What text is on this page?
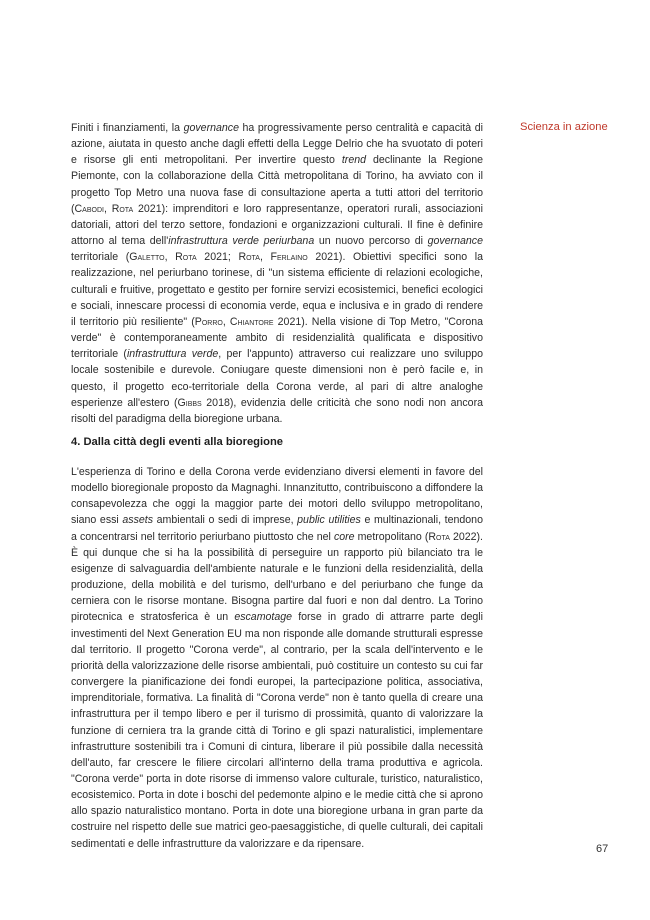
Scienza in azione

Finiti i finanziamenti, la governance ha progressivamente perso centralità e capacità di azione, aiutata in questo anche dagli effetti della Legge Delrio che ha svuotato di poteri e risorse gli enti metropolitani. Per invertire questo trend declinante la Regione Piemonte, con la collaborazione della Città metropolitana di Torino, ha avviato con il progetto Top Metro una nuova fase di consultazione aperta a tutti attori del territorio (Cabodi, Rota 2021): imprenditori e loro rappresentanze, operatori rurali, associazioni datoriali, attori del terzo settore, fondazioni e organizzazioni culturali. Il fine è definire attorno al tema dell'infrastruttura verde periurbana un nuovo percorso di governance territoriale (Galetto, Rota 2021; Rota, Ferlaino 2021). Obiettivi specifici sono la realizzazione, nel periurbano torinese, di "un sistema efficiente di relazioni ecologiche, culturali e fruitive, progettato e gestito per fornire servizi ecosistemici, benefici ecologici e sociali, innescare processi di economia verde, equa e inclusiva e in grado di rendere il territorio più resiliente" (Porro, Chiantore 2021). Nella visione di Top Metro, "Corona verde" è contemporaneamente ambito di residenzialità qualificata e dispositivo territoriale (infrastruttura verde, per l'appunto) attraverso cui realizzare uno sviluppo locale sostenibile e durevole. Coniugare queste dimensioni non è però facile e, in questo, il progetto eco-territoriale della Corona verde, al pari di altre analoghe esperienze all'estero (Gibbs 2018), evidenzia delle criticità che sono nodi non ancora risolti del paradigma della bioregione urbana.

4. Dalla città degli eventi alla bioregione

L'esperienza di Torino e della Corona verde evidenziano diversi elementi in favore del modello bioregionale proposto da Magnaghi. Innanzitutto, contribuiscono a diffondere la consapevolezza che oggi la maggior parte dei motori dello sviluppo metropolitano, siano essi assets ambientali o sedi di imprese, public utilities e multinazionali, tendono a concentrarsi nel territorio periurbano piuttosto che nel core metropolitano (Rota 2022). È qui dunque che si ha la possibilità di perseguire un rapporto più bilanciato tra le esigenze di salvaguardia dell'ambiente naturale e le funzioni della residenzialità, della produzione, della mobilità e del turismo, dell'urbano e del periurbano che funge da cerniera con le risorse montane. Bisogna partire dal fuori e non dal dentro. La Torino pirotecnica e stratosferica è un escamotage forse in grado di attrarre parte degli investimenti del Next Generation EU ma non risponde alle domande strutturali espresse dal territorio. Il progetto "Corona verde", al contrario, per la scala dell'intervento e le priorità della valorizzazione delle risorse ambientali, può costituire un contesto su cui far convergere la pianificazione dei fondi europei, la partecipazione politica, associativa, imprenditoriale, formativa. La finalità di "Corona verde" non è tanto quella di creare una infrastruttura per il tempo libero e per il turismo di prossimità, quanto di valorizzare la funzione di cerniera tra la grande città di Torino e gli spazi naturalistici, implementare infrastrutture sostenibili tra i Comuni di cintura, liberare il più possibile dalla necessità dell'auto, far crescere le filiere circolari all'interno della trama produttiva e agricola. "Corona verde" porta in dote risorse di immenso valore culturale, turistico, naturalistico, ecosistemico. Porta in dote i boschi del pedemonte alpino e le medie città che si aprono allo spazio naturalistico montano. Porta in dote una bioregione urbana in gran parte da costruire nel rispetto delle sue matrici geo-paesaggistiche, di quelle culturali, dei capitali sedimentati e delle infrastrutture da valorizzare e da ripensare.	67
